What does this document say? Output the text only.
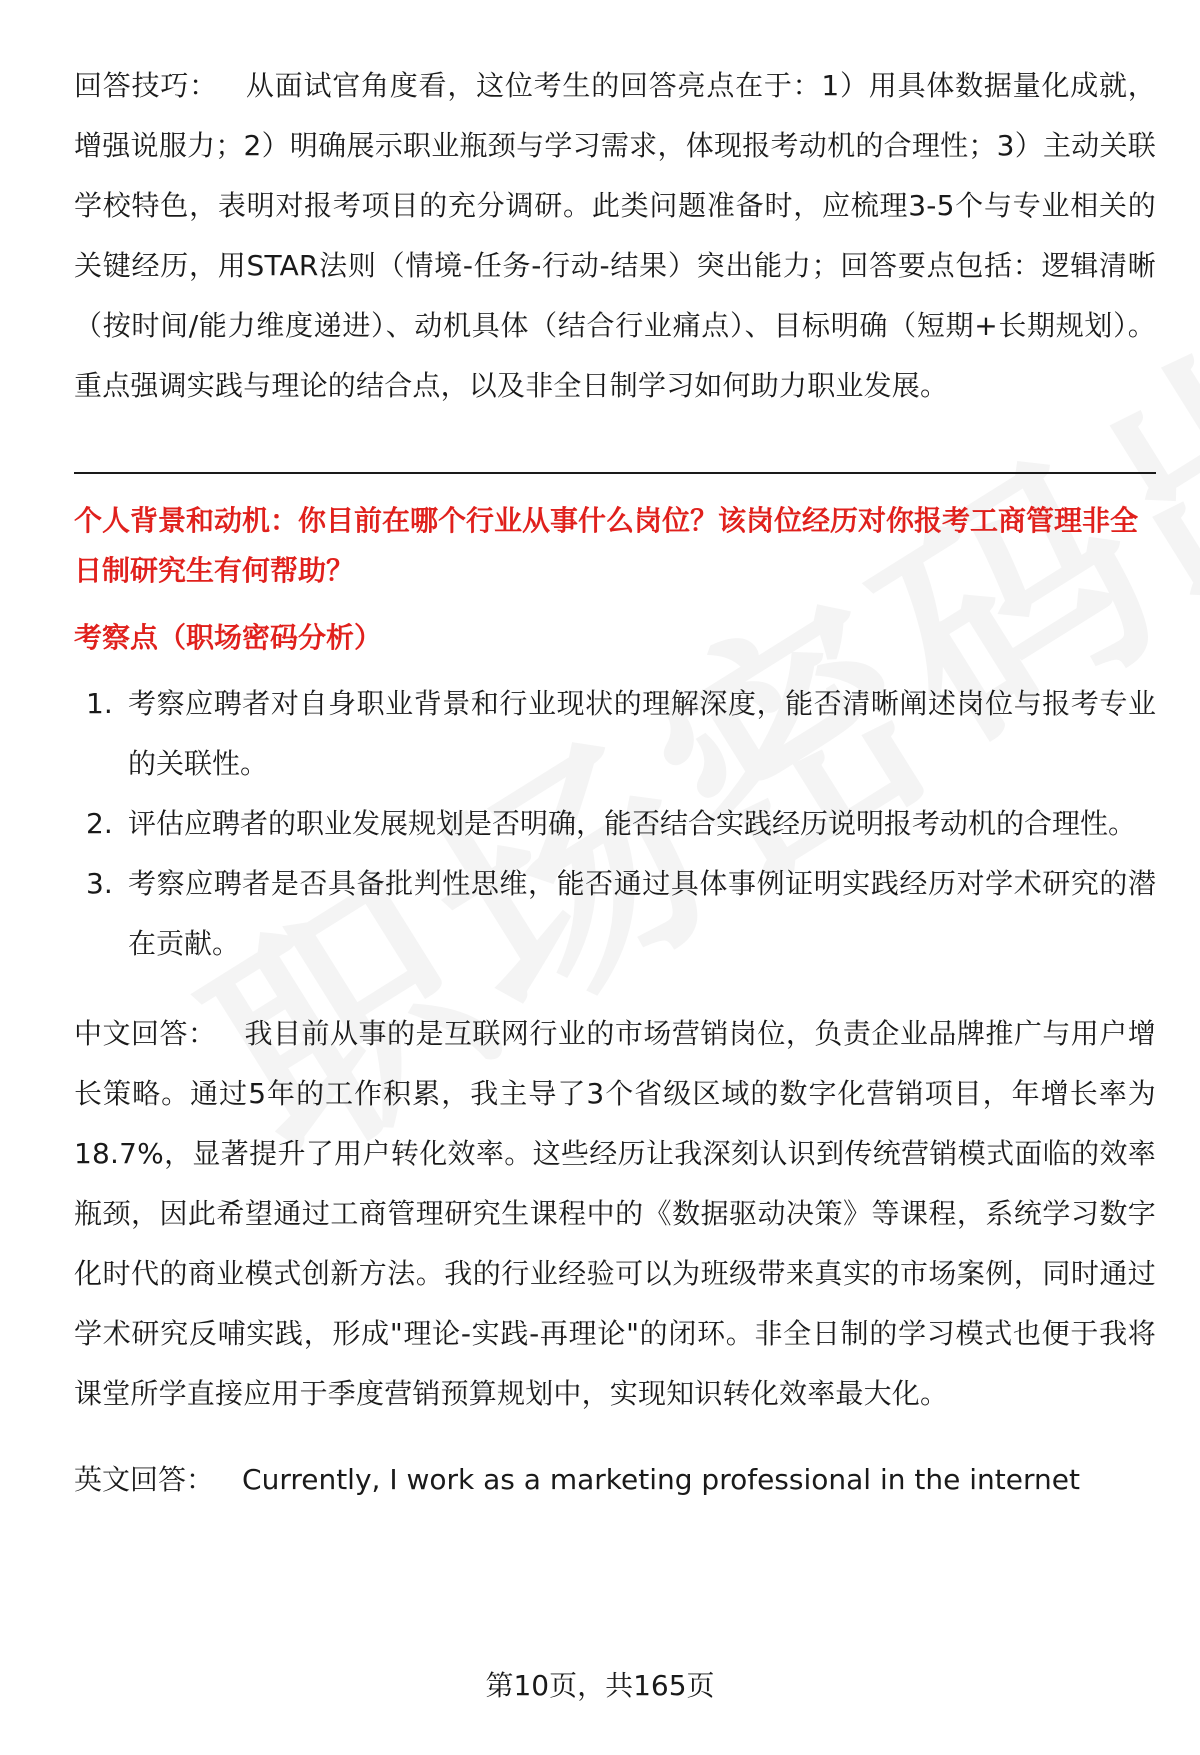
回答技巧： 从面试官角度看，这位考生的回答亮点在于：1）用具体数据量化成就，增强说服力；2）明确展示职业瓶颈与学习需求，体现报考动机的合理性；3）主动关联学校特色，表明对报考项目的充分调研。此类问题准备时，应梳理3-5个与专业相关的关键经历，用STAR法则（情境-任务-行动-结果）突出能力；回答要点包括：逻辑清晰（按时间/能力维度递进）、动机具体（结合行业痛点）、目标明确（短期+长期规划）。重点强调实践与理论的结合点，以及非全日制学习如何助力职业发展。

个人背景和动机：你目前在哪个行业从事什么岗位？该岗位经历对你报考工商管理非全日制研究生有何帮助？

考察点（职场密码分析）

1. 考察应聘者对自身职业背景和行业现状的理解深度，能否清晰阐述岗位与报考专业的关联性。
2. 评估应聘者的职业发展规划是否明确，能否结合实践经历说明报考动机的合理性。
3. 考察应聘者是否具备批判性思维，能否通过具体事例证明实践经历对学术研究的潜在贡献。

中文回答： 我目前从事的是互联网行业的市场营销岗位，负责企业品牌推广与用户增长策略。通过5年的工作积累，我主导了3个省级区域的数字化营销项目，年增长率为18.7%，显著提升了用户转化效率。这些经历让我深刻认识到传统营销模式面临的效率瓶颈，因此希望通过工商管理研究生课程中的《数据驱动决策》等课程，系统学习数字化时代的商业模式创新方法。我的行业经验可以为班级带来真实的市场案例，同时通过学术研究反哺实践，形成"理论-实践-再理论"的闭环。非全日制的学习模式也便于我将课堂所学直接应用于季度营销预算规划中，实现知识转化效率最大化。

英文回答： Currently, I work as a marketing professional in the internet

第10页，共165页
